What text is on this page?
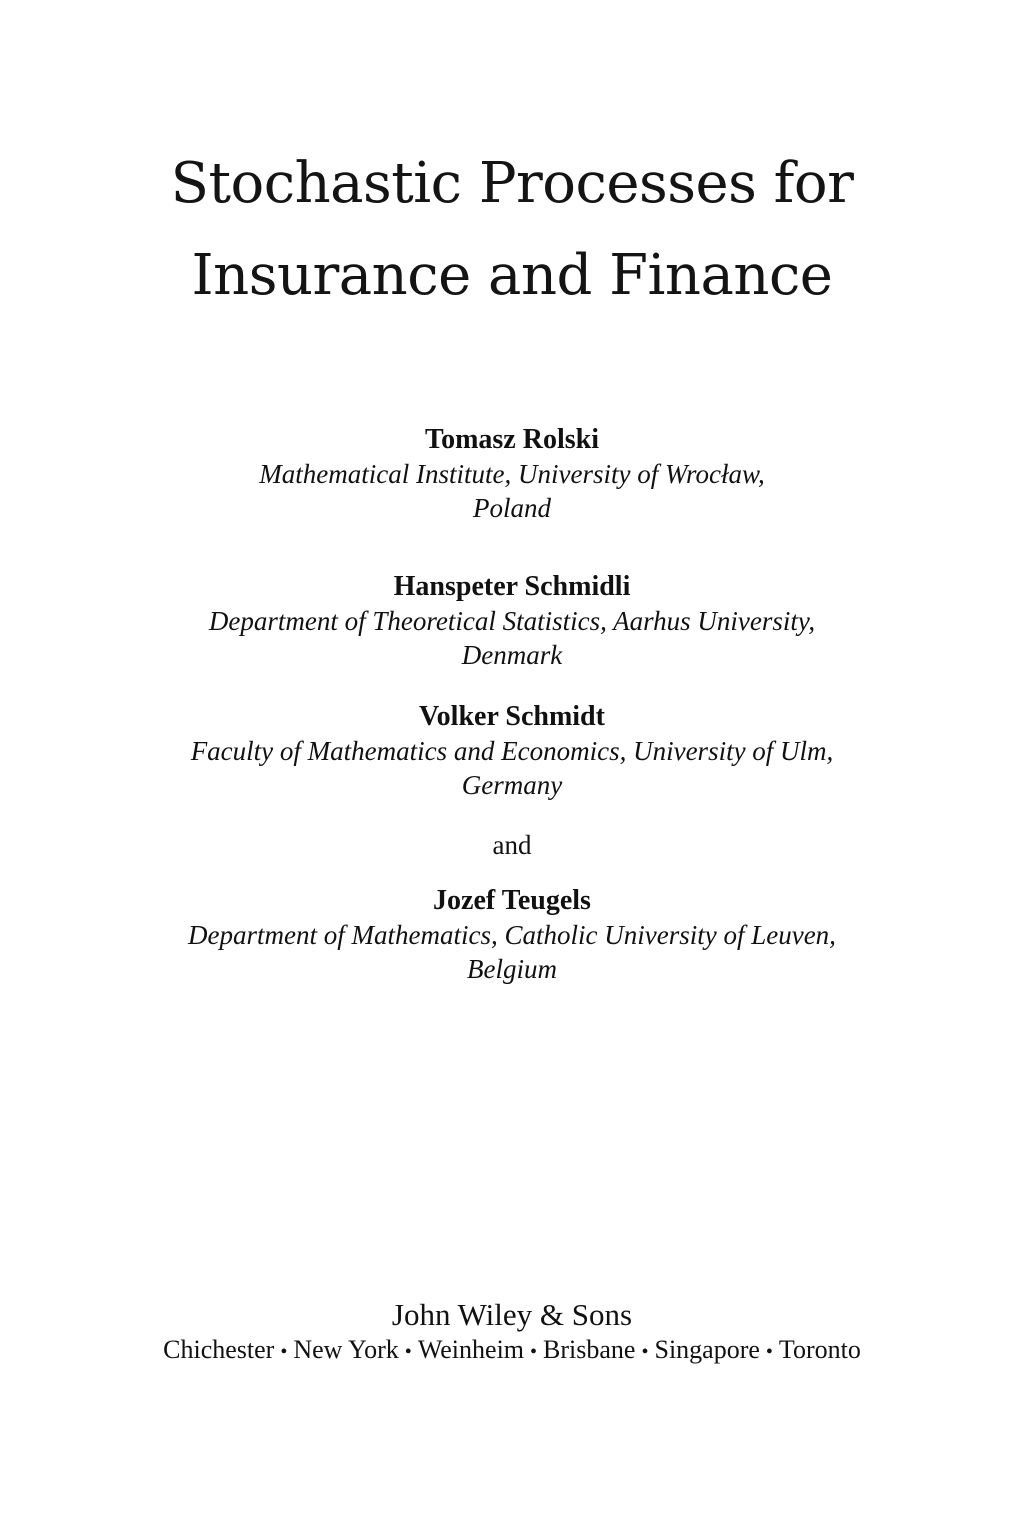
Stochastic Processes for
Insurance and Finance
Tomasz Rolski
Mathematical Institute, University of Wrocław,
Poland
Hanspeter Schmidli
Department of Theoretical Statistics, Aarhus University,
Denmark
Volker Schmidt
Faculty of Mathematics and Economics, University of Ulm,
Germany
and
Jozef Teugels
Department of Mathematics, Catholic University of Leuven,
Belgium
John Wiley & Sons
Chichester • New York • Weinheim • Brisbane • Singapore • Toronto
